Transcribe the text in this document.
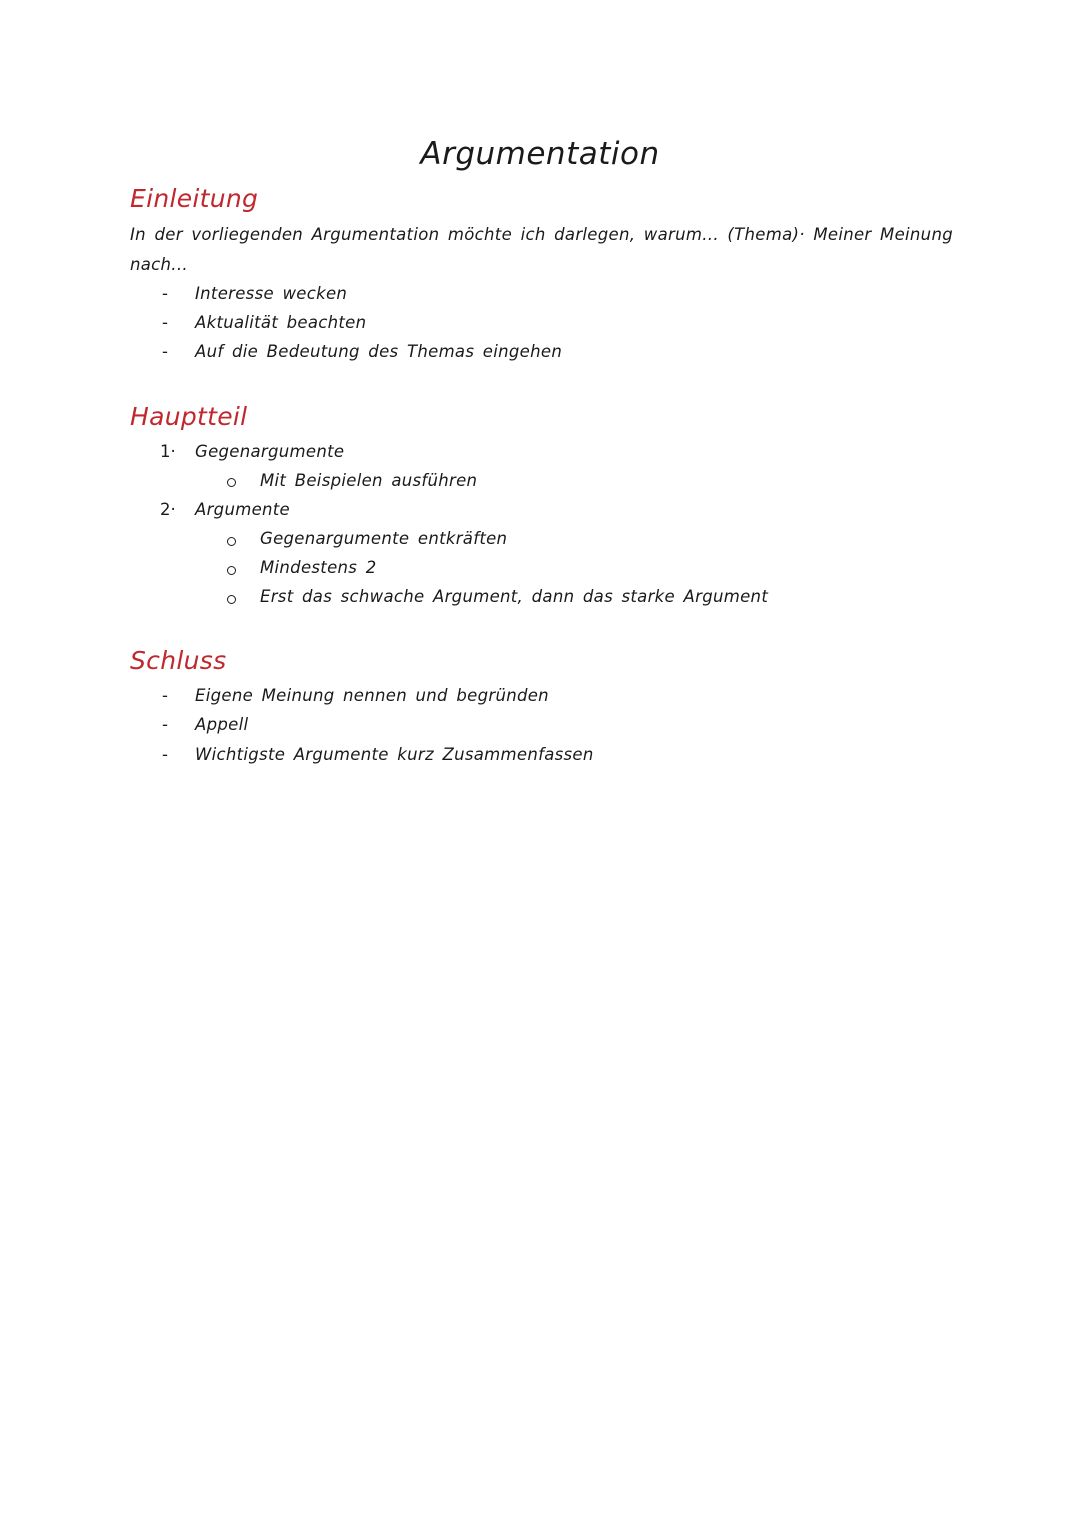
Argumentation
Einleitung
In der vorliegenden Argumentation möchte ich darlegen, warum... (Thema)· Meiner Meinung
nach...
- Interesse wecken
- Aktualität beachten
- Auf die Bedeutung des Themas eingehen
Hauptteil
1· Gegenargumente
Mit Beispielen ausführen
2· Argumente
Gegenargumente entkräften
Mindestens 2
Erst das schwache Argument, dann das starke Argument
Schluss
- Eigene Meinung nennen und begründen
- Appell
- Wichtigste Argumente kurz Zusammenfassen
